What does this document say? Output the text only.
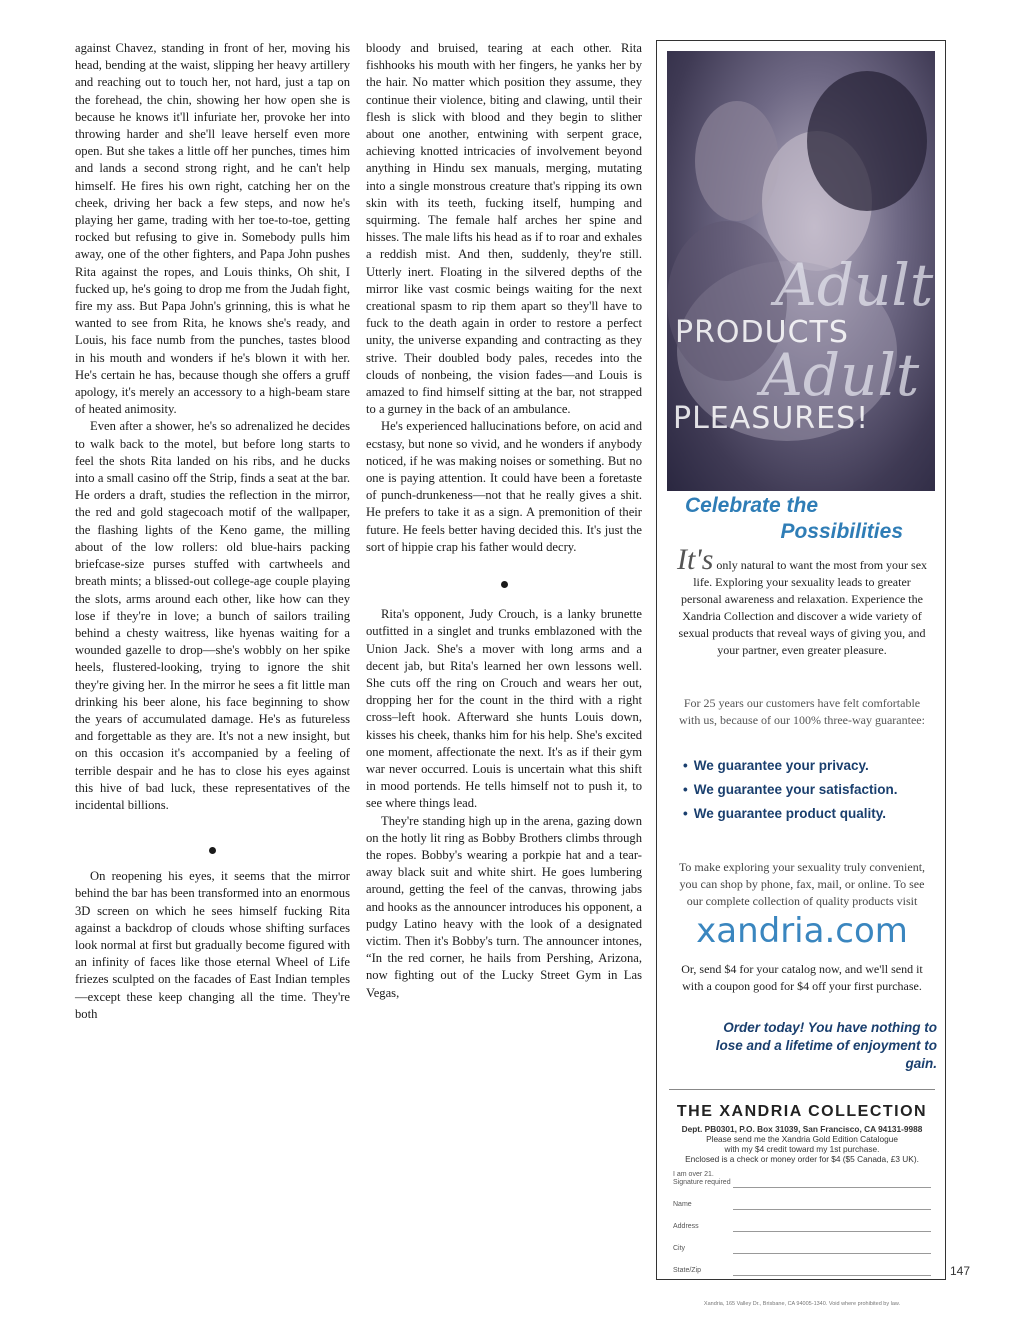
against Chavez, standing in front of her, moving his head, bending at the waist, slipping her heavy artillery and reaching out to touch her, not hard, just a tap on the forehead, the chin, showing her how open she is because he knows it'll infuriate her, provoke her into throwing harder and she'll leave herself even more open. But she takes a little off her punches, times him and lands a second strong right, and he can't help himself. He fires his own right, catching her on the cheek, driving her back a few steps, and now he's playing her game, trading with her toe-to-toe, getting rocked but refusing to give in. Somebody pulls him away, one of the other fighters, and Papa John pushes Rita against the ropes, and Louis thinks, Oh shit, I fucked up, he's going to drop me from the Judah fight, fire my ass. But Papa John's grinning, this is what he wanted to see from Rita, he knows she's ready, and Louis, his face numb from the punches, tastes blood in his mouth and wonders if he's blown it with her. He's certain he has, because though she offers a gruff apology, it's merely an accessory to a high-beam stare of heated animosity.

Even after a shower, he's so adrenalized he decides to walk back to the motel, but before long starts to feel the shots Rita landed on his ribs, and he ducks into a small casino off the Strip, finds a seat at the bar. He orders a draft, studies the reflection in the mirror, the red and gold stagecoach motif of the wallpaper, the flashing lights of the Keno game, the milling about of the low rollers: old blue-hairs packing briefcase-size purses stuffed with cartwheels and breath mints; a blissed-out college-age couple playing the slots, arms around each other, like how can they lose if they're in love; a bunch of sailors trailing behind a chesty waitress, like hyenas waiting for a wounded gazelle to drop—she's wobbly on her spike heels, flustered-looking, trying to ignore the shit they're giving her. In the mirror he sees a fit little man drinking his beer alone, his face beginning to show the years of accumulated damage. He's as futureless and forgettable as they are. It's not a new insight, but on this occasion it's accompanied by a feeling of terrible despair and he has to close his eyes against this hive of bad luck, these representatives of the incidental billions.

On reopening his eyes, it seems that the mirror behind the bar has been transformed into an enormous 3D screen on which he sees himself fucking Rita against a backdrop of clouds whose shifting surfaces look normal at first but gradually become figured with an infinity of faces like those eternal Wheel of Life friezes sculpted on the facades of East Indian temples—except these keep changing all the time. They're both

bloody and bruised, tearing at each other. Rita fishhooks his mouth with her fingers, he yanks her by the hair. No matter which position they assume, they continue their violence, biting and clawing, until their flesh is slick with blood and they begin to slither about one another, entwining with serpent grace, achieving knotted intricacies of involvement beyond anything in Hindu sex manuals, merging, mutating into a single monstrous creature that's ripping its own skin with its teeth, fucking itself, humping and squirming. The female half arches her spine and hisses. The male lifts his head as if to roar and exhales a reddish mist. And then, suddenly, they're still. Utterly inert. Floating in the silvered depths of the mirror like vast cosmic beings waiting for the next creational spasm to rip them apart so they'll have to fuck to the death again in order to restore a perfect unity, the universe expanding and contracting as they strive. Their doubled body pales, recedes into the clouds of nonbeing, the vision fades—and Louis is amazed to find himself sitting at the bar, not strapped to a gurney in the back of an ambulance.

He's experienced hallucinations before, on acid and ecstasy, but none so vivid, and he wonders if anybody noticed, if he was making noises or something. But no one is paying attention. It could have been a foretaste of punch-drunkeness—not that he really gives a shit. He prefers to take it as a sign. A premonition of their future. He feels better having decided this. It's just the sort of hippie crap his father would decry.

Rita's opponent, Judy Crouch, is a lanky brunette outfitted in a singlet and trunks emblazoned with the Union Jack. She's a mover with long arms and a decent jab, but Rita's learned her own lessons well. She cuts off the ring on Crouch and wears her out, dropping her for the count in the third with a right cross–left hook. Afterward she hunts Louis down, kisses his cheek, thanks him for his help. She's excited one moment, affectionate the next. It's as if their gym war never occurred. Louis is uncertain what this shift in mood portends. He tells himself not to push it, to see where things lead.

They're standing high up in the arena, gazing down on the hotly lit ring as Bobby Brothers climbs through the ropes. Bobby's wearing a porkpie hat and a tear-away black suit and white shirt. He goes lumbering around, getting the feel of the canvas, throwing jabs and hooks as the announcer introduces his opponent, a pudgy Latino heavy with the look of a designated victim. Then it's Bobby's turn. The announcer intones, “In the red corner, he hails from Pershing, Arizona, now fighting out of the Lucky Street Gym in Las Vegas,

Adult
PRODUCTS
Adult
PLEASURES!
Celebrate the
Possibilities
It's only natural to want the most from your sex life. Exploring your sexuality leads to greater personal awareness and relaxation. Experience the Xandria Collection and discover a wide variety of sexual products that reveal ways of giving you, and your partner, even greater pleasure.
For 25 years our customers have felt comfortable with us, because of our 100% three-way guarantee:
• We guarantee your privacy.
• We guarantee your satisfaction.
• We guarantee product quality.
To make exploring your sexuality truly convenient, you can shop by phone, fax, mail, or online. To see our complete collection of quality products visit
xandria.com
Or, send $4 for your catalog now, and we'll send it with a coupon good for $4 off your first purchase.
Order today! You have nothing to lose and a lifetime of enjoyment to gain.
THE XANDRIA COLLECTION
Dept. PB0301, P.O. Box 31039, San Francisco, CA 94131-9988
Please send me the Xandria Gold Edition Catalogue
with my $4 credit toward my 1st purchase.
Enclosed is a check or money order for $4 ($5 Canada, £3 UK).
I am over 21.
Signature required
Name
Address
City
State/Zip
Xandria, 165 Valley Dr., Brisbane, CA 94005-1340. Void where prohibited by law.
147
